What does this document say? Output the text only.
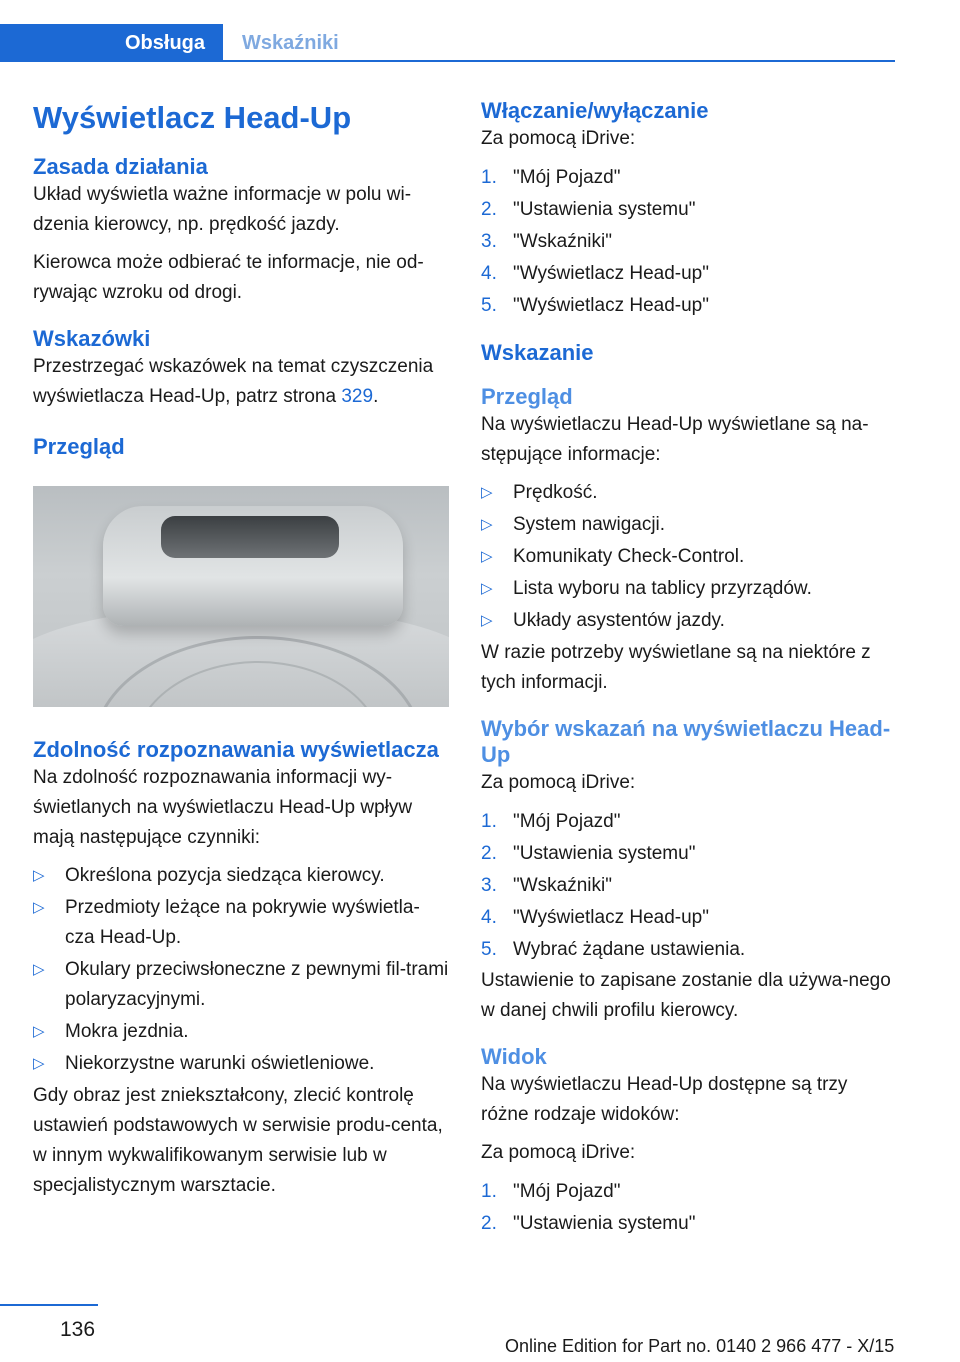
Obsługa	Wskaźniki
Wyświetlacz Head-Up
Zasada działania

Układ wyświetla ważne informacje w polu wi-dzenia kierowcy, np. prędkość jazdy.

Kierowca może odbierać te informacje, nie od-rywając wzroku od drogi.

Wskazówki

Przestrzegać wskazówek na temat czyszczenia wyświetlacza Head-Up, patrz strona 329.

Przegląd
Zdolność rozpoznawania wyświetlacza

Na zdolność rozpoznawania informacji wy-świetlanych na wyświetlaczu Head-Up wpływ mają następujące czynniki:

▷	Określona pozycja siedząca kierowcy.
▷	Przedmioty leżące na pokrywie wyświetla-cza Head-Up.
▷	Okulary przeciwsłoneczne z pewnymi fil-trami polaryzacyjnymi.
▷	Mokra jezdnia.
▷	Niekorzystne warunki oświetleniowe.

Gdy obraz jest zniekształcony, zlecić kontrolę ustawień podstawowych w serwisie produ-centa, w innym wykwalifikowanym serwisie lub w specjalistycznym warsztacie.

Włączanie/wyłączanie

Za pomocą iDrive:

1. "Mój Pojazd"
2. "Ustawienia systemu"
3. "Wskaźniki"
4. "Wyświetlacz Head-up"
5. "Wyświetlacz Head-up"
Wskazanie
Przegląd

Na wyświetlaczu Head-Up wyświetlane są na-stępujące informacje:

▷	Prędkość.
▷	System nawigacji.
▷	Komunikaty Check-Control.
▷	Lista wyboru na tablicy przyrządów.
▷	Układy asystentów jazdy.

W razie potrzeby wyświetlane są na niektóre z tych informacji.

Wybór wskazań na wyświetlaczu Head-Up

Za pomocą iDrive:

1. "Mój Pojazd"
2. "Ustawienia systemu"
3. "Wskaźniki"
4. "Wyświetlacz Head-up"
5. Wybrać żądane ustawienia.

Ustawienie to zapisane zostanie dla używa-nego w danej chwili profilu kierowcy.

Widok

Na wyświetlaczu Head-Up dostępne są trzy różne rodzaje widoków:

Za pomocą iDrive:

1. "Mój Pojazd"
2. "Ustawienia systemu"
136
Online Edition for Part no. 0140 2 966 477 - X/15
